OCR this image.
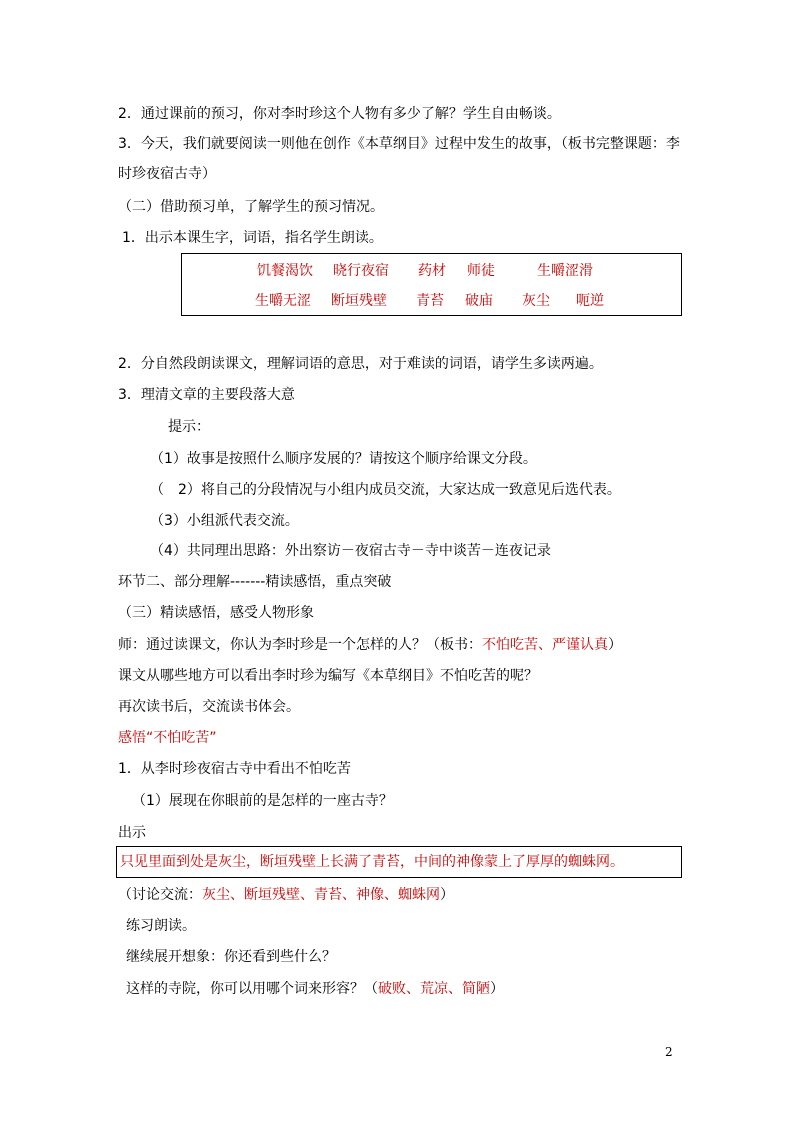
2．通过课前的预习，你对李时珍这个人物有多少了解？学生自由畅谈。
3．今天，我们就要阅读一则他在创作《本草纲目》过程中发生的故事，（板书完整课题：李
时珍夜宿古寺）
（二）借助预习单，了解学生的预习情况。
1．出示本课生字，词语，指名学生朗读。
饥餐渴饮 晓行夜宿 药材 师徒	生嚼涩滑
生嚼无涩 断垣残壁 青苔 破庙 灰尘 呃逆
2．分自然段朗读课文，理解词语的意思，对于难读的词语，请学生多读两遍。
3．理清文章的主要段落大意
提示：
（1）故事是按照什么顺序发展的？请按这个顺序给课文分段。
（　2）将自己的分段情况与小组内成员交流，大家达成一致意见后选代表。
（3）小组派代表交流。
（4）共同理出思路：外出察访－夜宿古寺－寺中谈苦－连夜记录
环节二、部分理解-------精读感悟，重点突破
（三）精读感悟，感受人物形象
师：通过读课文，你认为李时珍是一个怎样的人？（板书：不怕吃苦、严谨认真）
课文从哪些地方可以看出李时珍为编写《本草纲目》不怕吃苦的呢？
再次读书后，交流读书体会。
感悟“不怕吃苦”
1．从李时珍夜宿古寺中看出不怕吃苦
（1）展现在你眼前的是怎样的一座古寺？
出示
只见里面到处是灰尘，断垣残壁上长满了青苔，中间的神像蒙上了厚厚的蜘蛛网。
（讨论交流：灰尘、断垣残壁、青苔、神像、蜘蛛网）
练习朗读。
继续展开想象：你还看到些什么？
这样的寺院，你可以用哪个词来形容？（破败、荒凉、简陋）
2
